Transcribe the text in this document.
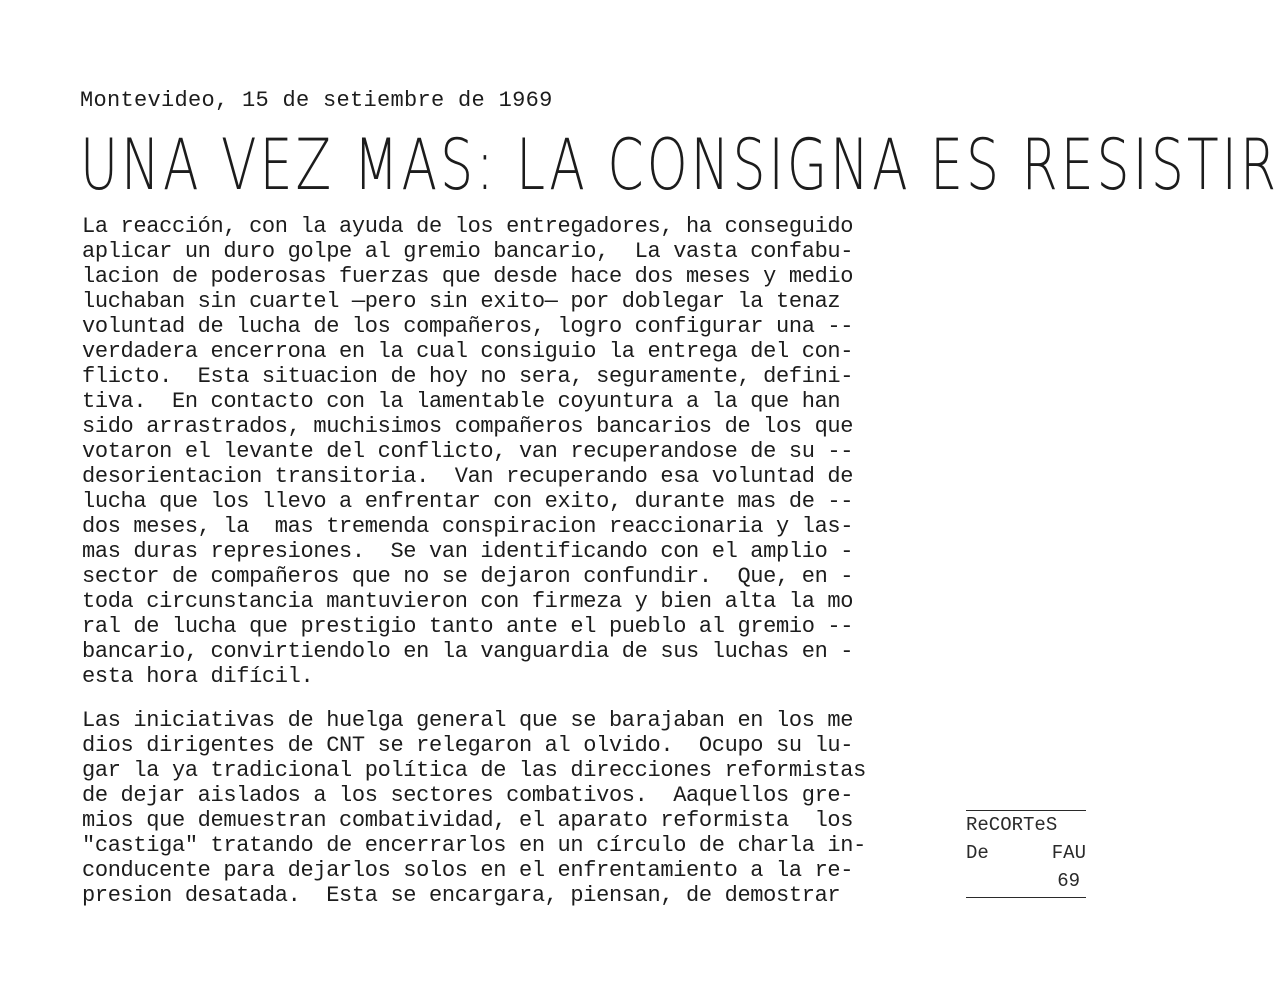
Montevideo, 15 de setiembre de 1969
UNA VEZ MAS: LA CONSIGNA ES RESISTIR
La reacción, con la ayuda de los entregadores, ha conseguido
aplicar un duro golpe al gremio bancario,  La vasta confabu-
lacion de poderosas fuerzas que desde hace dos meses y medio
luchaban sin cuartel —pero sin exito— por doblegar la tenaz
voluntad de lucha de los compañeros, logro configurar una --
verdadera encerrona en la cual consiguio la entrega del con-
flicto.  Esta situacion de hoy no sera, seguramente, defini-
tiva.  En contacto con la lamentable coyuntura a la que han
sido arrastrados, muchisimos compañeros bancarios de los que
votaron el levante del conflicto, van recuperandose de su --
desorientacion transitoria.  Van recuperando esa voluntad de
lucha que los llevo a enfrentar con exito, durante mas de --
dos meses, la  mas tremenda conspiracion reaccionaria y las-
mas duras represiones.  Se van identificando con el amplio -
sector de compañeros que no se dejaron confundir.  Que, en -
toda circunstancia mantuvieron con firmeza y bien alta la mo
ral de lucha que prestigio tanto ante el pueblo al gremio --
bancario, convirtiendolo en la vanguardia de sus luchas en -
esta hora difícil.
Las iniciativas de huelga general que se barajaban en los me
dios dirigentes de CNT se relegaron al olvido.  Ocupo su lu-
gar la ya tradicional política de las direcciones reformistas
de dejar aislados a los sectores combativos.  Aaquellos gre-
mios que demuestran combatividad, el aparato reformista  los
"castiga" tratando de encerrarlos en un círculo de charla in-
conducente para dejarlos solos en el enfrentamiento a la re-
presion desatada.  Esta se encargara, piensan, de demostrar
ReCORTeS
De	FAU
69
